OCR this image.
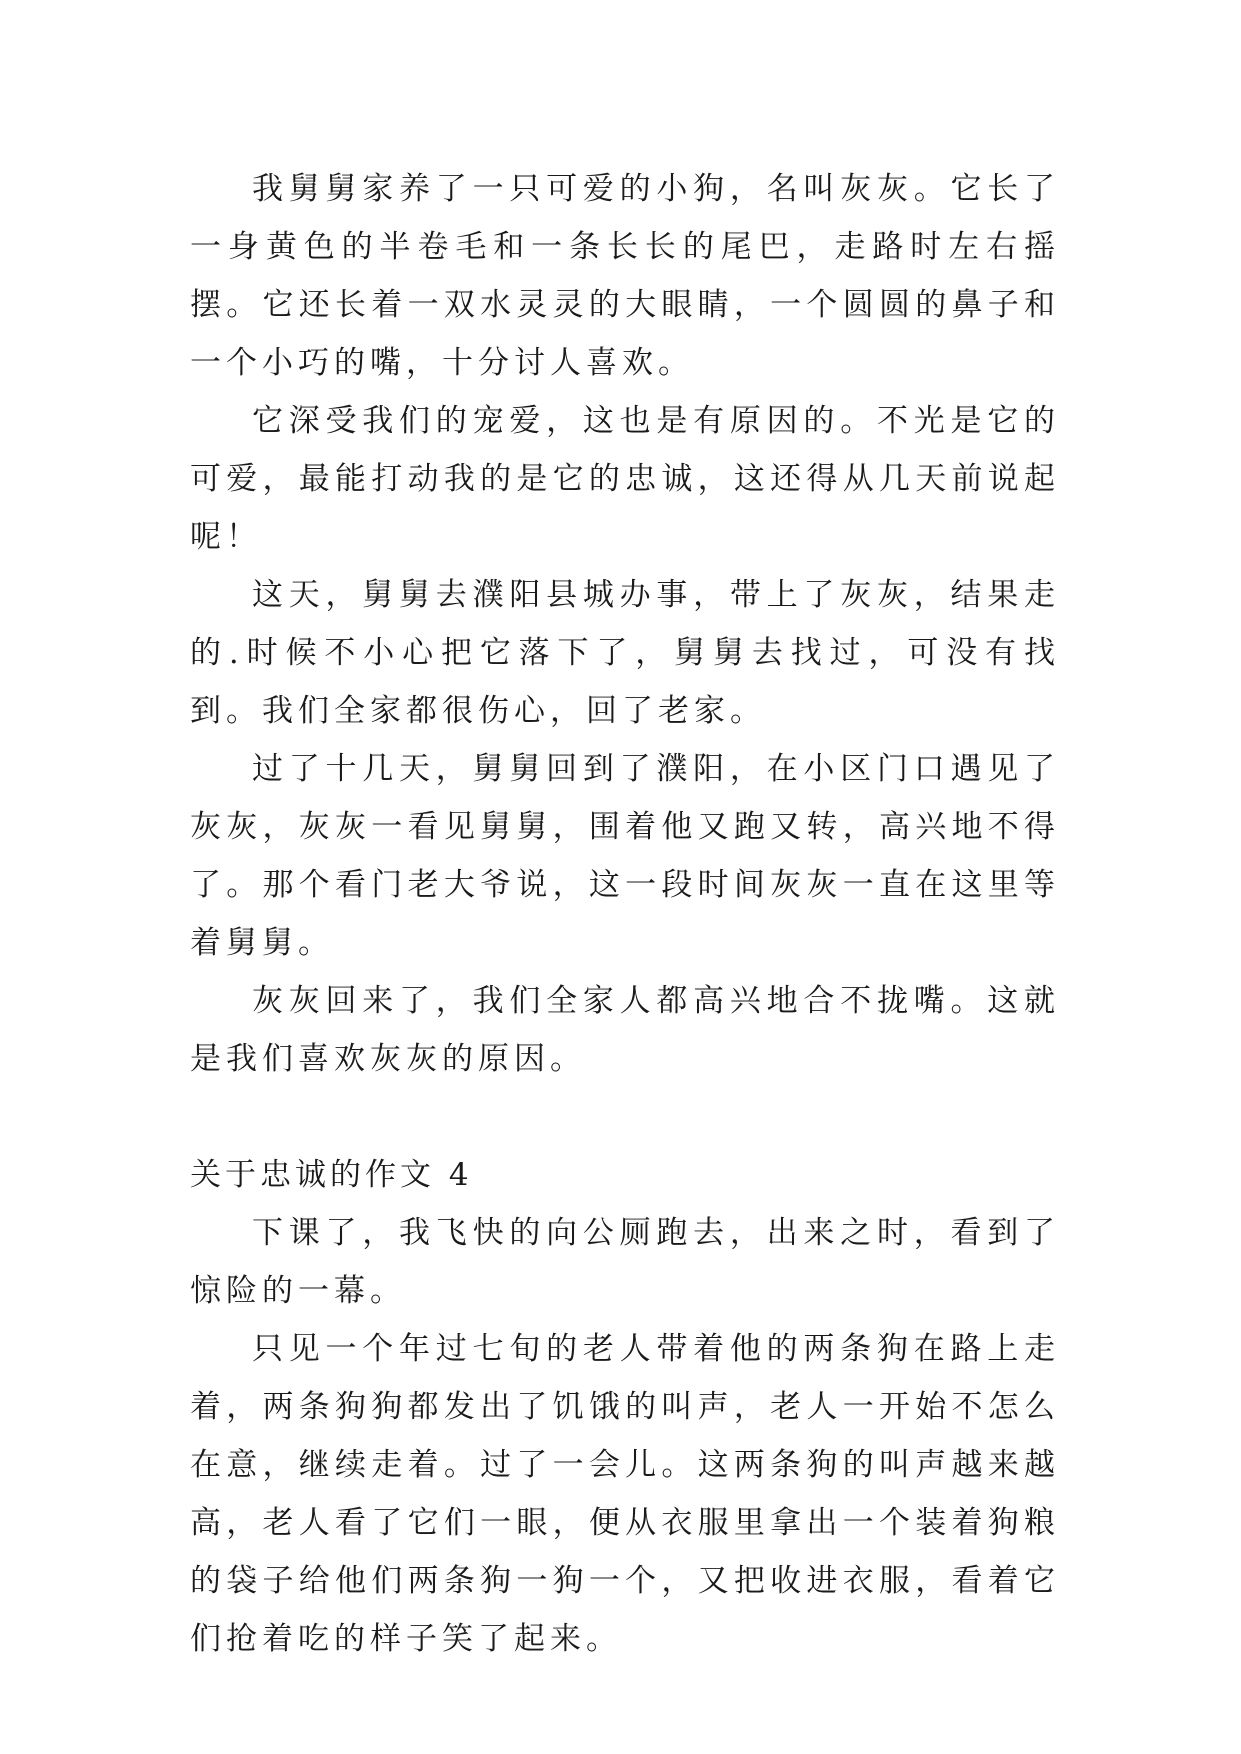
我舅舅家养了一只可爱的小狗，名叫灰灰。它长了一身黄色的半卷毛和一条长长的尾巴，走路时左右摇摆。它还长着一双水灵灵的大眼睛，一个圆圆的鼻子和一个小巧的嘴，十分讨人喜欢。

它深受我们的宠爱，这也是有原因的。不光是它的可爱，最能打动我的是它的忠诚，这还得从几天前说起呢！

这天，舅舅去濮阳县城办事，带上了灰灰，结果走的.时候不小心把它落下了，舅舅去找过，可没有找到。我们全家都很伤心，回了老家。

过了十几天，舅舅回到了濮阳，在小区门口遇见了灰灰，灰灰一看见舅舅，围着他又跑又转，高兴地不得了。那个看门老大爷说，这一段时间灰灰一直在这里等着舅舅。

灰灰回来了，我们全家人都高兴地合不拢嘴。这就是我们喜欢灰灰的原因。

关于忠诚的作文 4

下课了，我飞快的向公厕跑去，出来之时，看到了惊险的一幕。

只见一个年过七旬的老人带着他的两条狗在路上走着，两条狗狗都发出了饥饿的叫声，老人一开始不怎么在意，继续走着。过了一会儿。这两条狗的叫声越来越高，老人看了它们一眼，便从衣服里拿出一个装着狗粮的袋子给他们两条狗一狗一个，又把收进衣服，看着它们抢着吃的样子笑了起来。
